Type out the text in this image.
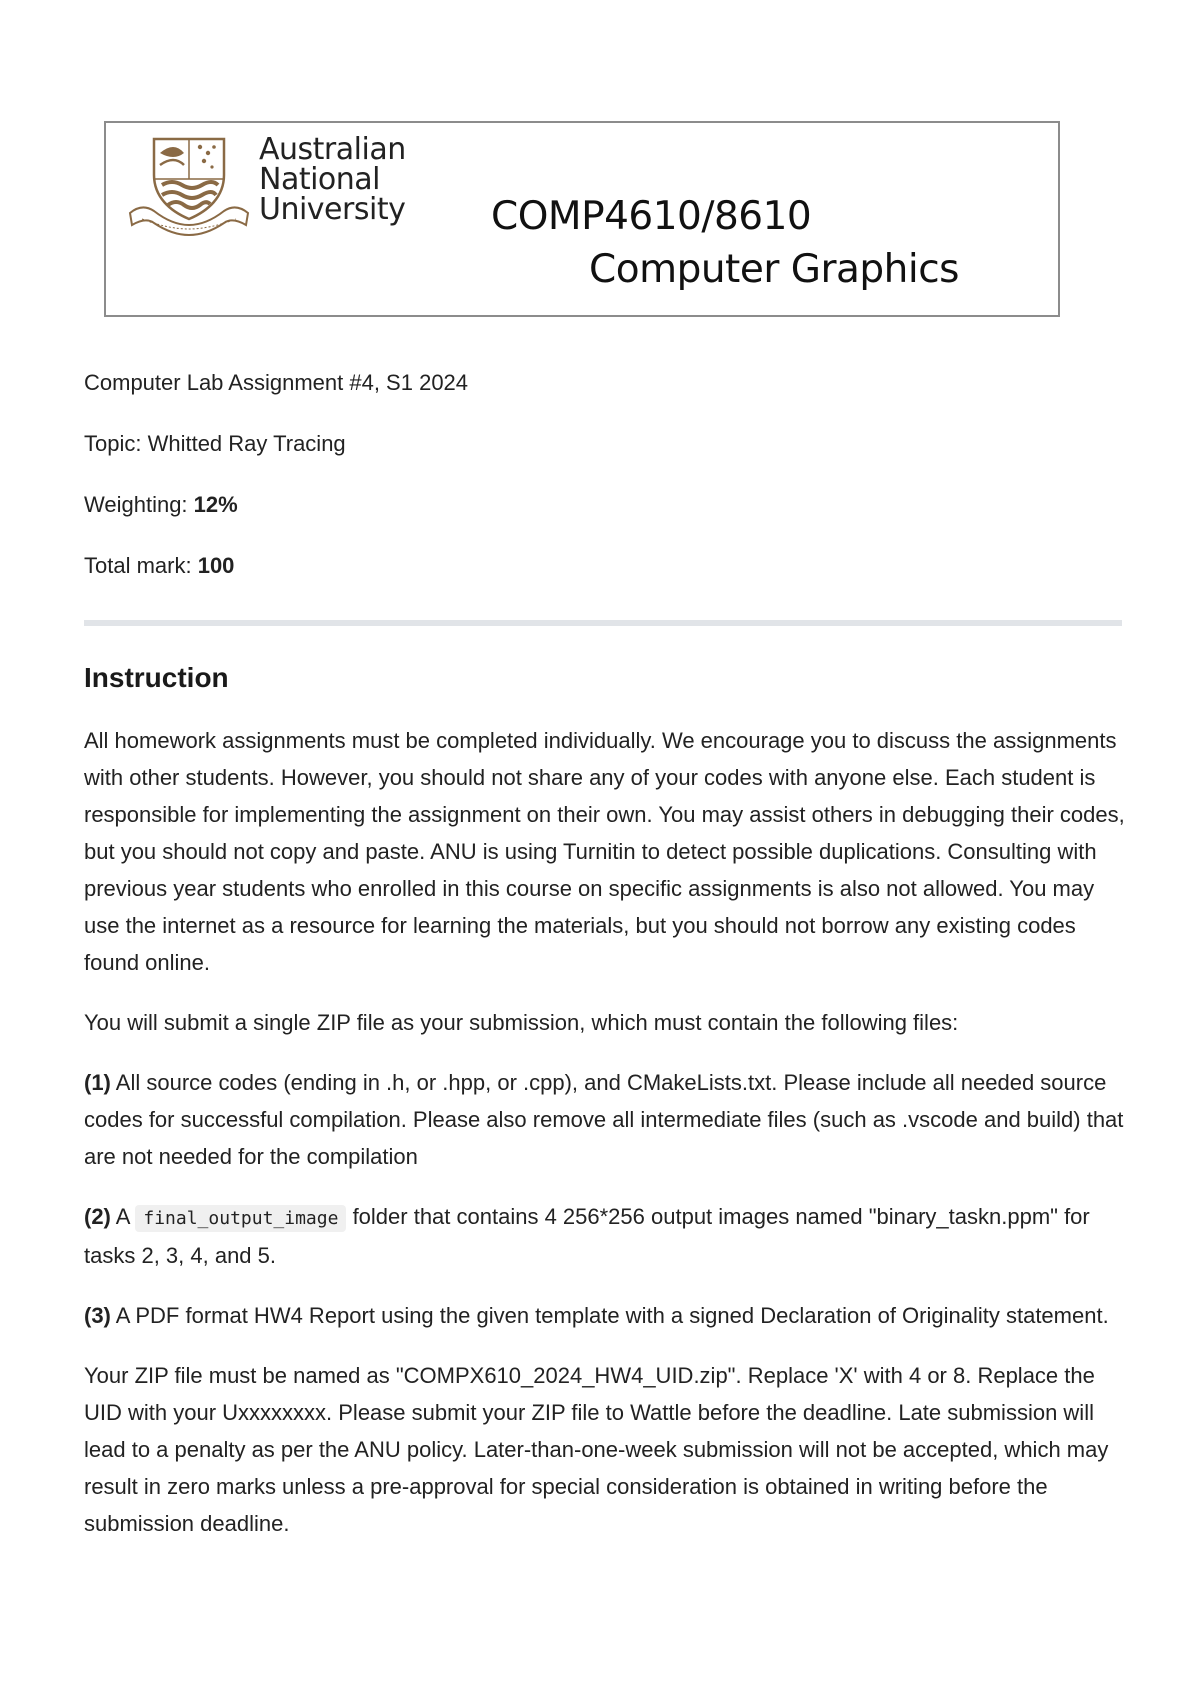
Australian
National
University COMP4610/8610
Computer Graphics
Computer Lab Assignment #4, S1 2024
Topic: Whitted Ray Tracing
Weighting: 12%
Total mark: 100
Instruction

All homework assignments must be completed individually. We encourage you to discuss the assignments with other students. However, you should not share any of your codes with anyone else. Each student is responsible for implementing the assignment on their own. You may assist others in debugging their codes, but you should not copy and paste. ANU is using Turnitin to detect possible duplications. Consulting with previous year students who enrolled in this course on specific assignments is also not allowed. You may use the internet as a resource for learning the materials, but you should not borrow any existing codes found online.

You will submit a single ZIP file as your submission, which must contain the following files:

(1) All source codes (ending in .h, or .hpp, or .cpp), and CMakeLists.txt. Please include all needed source codes for successful compilation. Please also remove all intermediate files (such as .vscode and build) that are not needed for the compilation

(2) A final_output_image folder that contains 4 256*256 output images named "binary_taskn.ppm" for tasks 2, 3, 4, and 5.

(3) A PDF format HW4 Report using the given template with a signed Declaration of Originality statement.

Your ZIP file must be named as "COMPX610_2024_HW4_UID.zip". Replace 'X' with 4 or 8. Replace the UID with your Uxxxxxxxx. Please submit your ZIP file to Wattle before the deadline. Late submission will lead to a penalty as per the ANU policy. Later-than-one-week submission will not be accepted, which may result in zero marks unless a pre-approval for special consideration is obtained in writing before the submission deadline.
